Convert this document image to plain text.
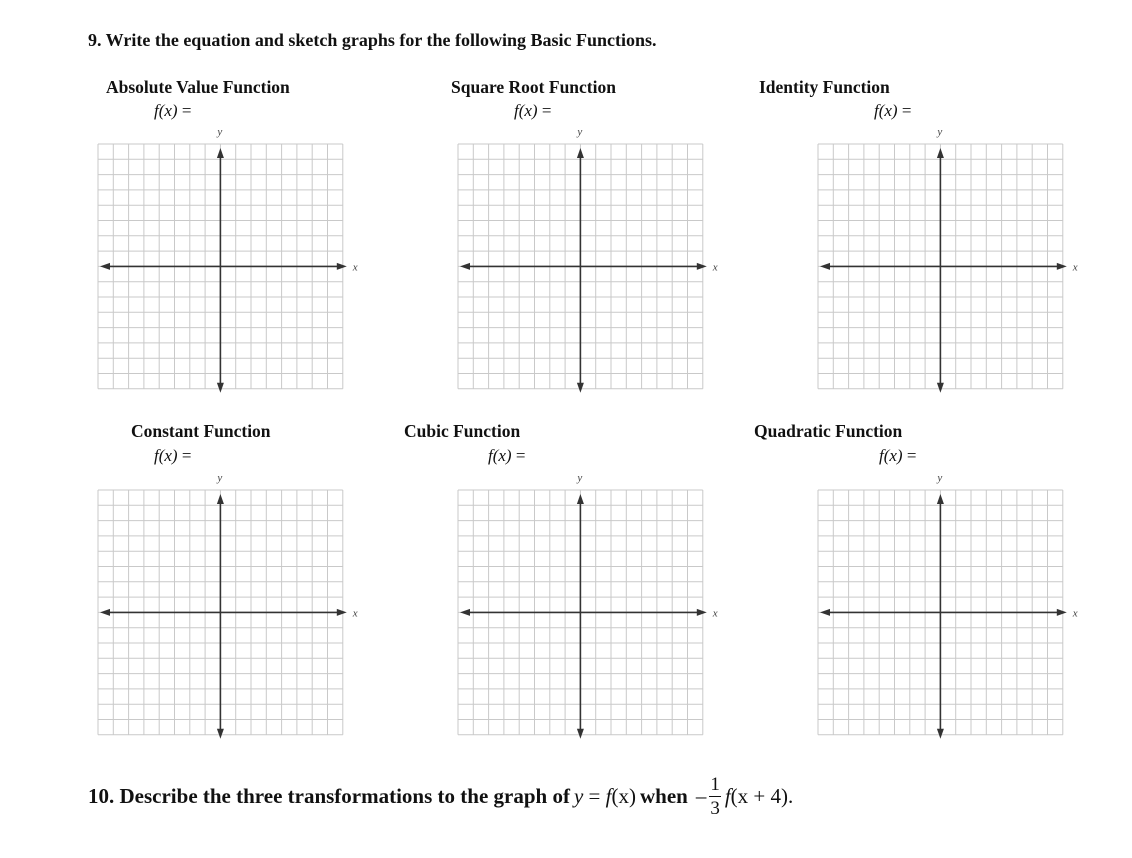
9. Write the equation and sketch graphs for the following Basic Functions.
Absolute Value Function
f(x) =
Square Root Function
f(x) =
Identity Function
f(x) =
Constant Function
f(x) =
Cubic Function
f(x) =
Quadratic Function
f(x) =
x
y
x
y
x
y
x
y
x
y
x
y
10. Describe the three transformations to the graph of y = f(x) when – $\frac{1}{3} f(x + 4)$.
